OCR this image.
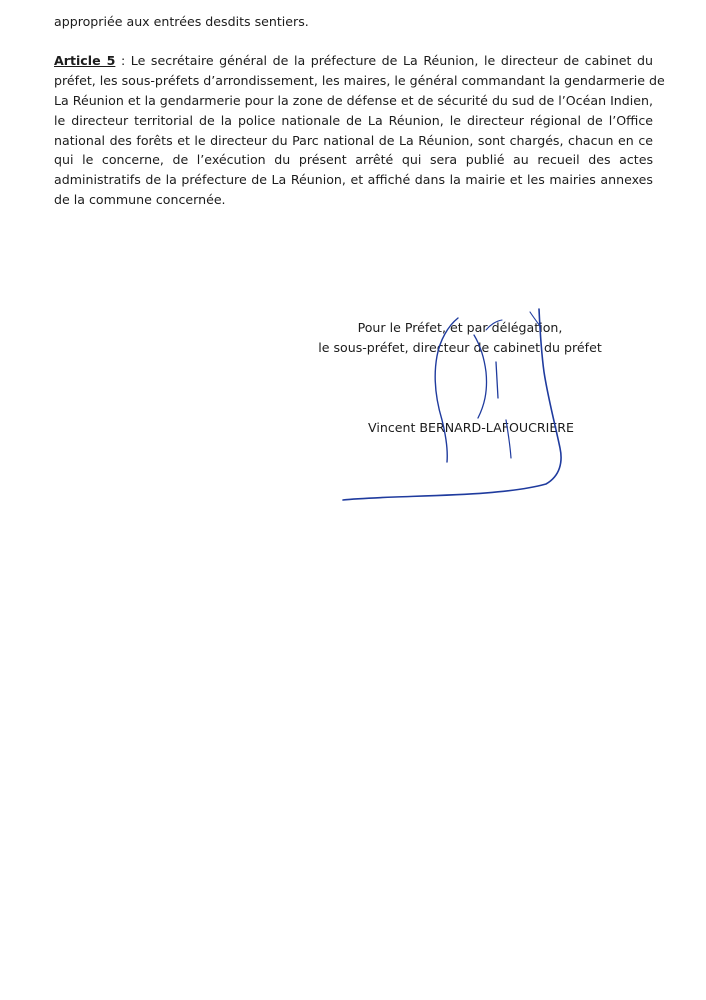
appropriée aux entrées desdits sentiers.
Article 5 : Le secrétaire général de la préfecture de La Réunion, le directeur de cabinet du
préfet, les sous-préfets d’arrondissement, les maires, le général commandant la gendarmerie de
La Réunion et la gendarmerie pour la zone de défense et de sécurité du sud de l’Océan Indien,
le directeur territorial de la police nationale de La Réunion, le directeur régional de l’Office
national des forêts et le directeur du Parc national de La Réunion, sont chargés, chacun en ce
qui le concerne, de l’exécution du présent arrêté qui sera publié au recueil des actes
administratifs de la préfecture de La Réunion, et affiché dans la mairie et les mairies annexes
de la commune concernée.
Pour le Préfet, et par délégation,
le sous-préfet, directeur de cabinet du préfet
Vincent BERNARD-LAFOUCRIERE
